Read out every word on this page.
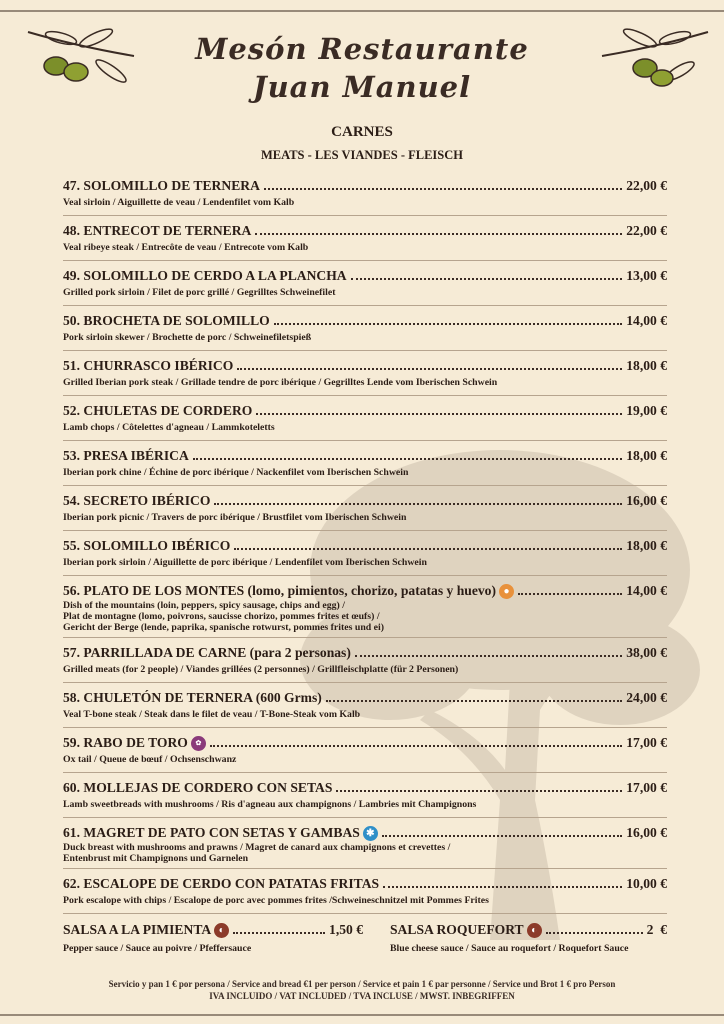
Mesón Restaurante
Juan Manuel
CARNES
MEATS - LES VIANDES - FLEISCH
47. SOLOMILLO DE TERNERA	22,00 €
Veal sirloin / Aiguillette de veau / Lendenfilet vom Kalb
48. ENTRECOT DE TERNERA	22,00 €
Veal ribeye steak / Entrecôte de veau / Entrecote vom Kalb
49. SOLOMILLO DE CERDO A LA PLANCHA	13,00 €
Grilled pork sirloin / Filet de porc grillé / Gegrilltes Schweinefilet
50. BROCHETA DE SOLOMILLO	14,00 €
Pork sirloin skewer / Brochette de porc / Schweinefiletspieß
51. CHURRASCO IBÉRICO	18,00 €
Grilled Iberian pork steak / Grillade tendre de porc ibérique / Gegrilltes Lende vom Iberischen Schwein
52. CHULETAS DE CORDERO	19,00 €
Lamb chops / Côtelettes d'agneau / Lammkoteletts
53. PRESA IBÉRICA	18,00 €
Iberian pork chine / Échine de porc ibérique / Nackenfilet vom Iberischen Schwein
54. SECRETO IBÉRICO	16,00 €
Iberian pork picnic / Travers de porc ibérique / Brustfilet vom Iberischen Schwein
55. SOLOMILLO IBÉRICO	18,00 €
Iberian pork sirloin / Aiguillette de porc ibérique / Lendenfilet vom Iberischen Schwein
56. PLATO DE LOS MONTES (lomo, pimientos, chorizo, patatas y huevo) ●	14,00 €
Dish of the mountains (loin, peppers, spicy sausage, chips and egg) /
Plat de montagne (lomo, poivrons, saucisse chorizo, pommes frites et œufs) /
Gericht der Berge (lende, paprika, spanische rotwurst, pommes frites und ei)
57. PARRILLADA DE CARNE (para 2 personas)	38,00 €
Grilled meats (for 2 people) / Viandes grillées (2 personnes) / Grillfleischplatte (für 2 Personen)
58. CHULETÓN DE TERNERA (600 Grms)	24,00 €
Veal T-bone steak / Steak dans le filet de veau / T-Bone-Steak vom Kalb
59. RABO DE TORO	✿	17,00 €
Ox tail / Queue de bœuf / Ochsenschwanz
60. MOLLEJAS DE CORDERO CON SETAS	17,00 €
Lamb sweetbreads with mushrooms / Ris d'agneau aux champignons / Lambries mit Champignons
61. MAGRET DE PATO CON SETAS Y GAMBAS ✱	16,00 €
Duck breast with mushrooms and prawns / Magret de canard aux champignons et crevettes /
Entenbrust mit Champignons und Garnelen
62. ESCALOPE DE CERDO CON PATATAS FRITAS	10,00 €
Pork escalope with chips / Escalope de porc avec pommes frites /Schweineschnitzel mit Pommes Frites
SALSA A LA PIMIENTA ◐	1,50 €
Pepper sauce / Sauce au poivre / Pfeffersauce
SALSA ROQUEFORT ◐	2  €
Blue cheese sauce / Sauce au roquefort / Roquefort Sauce
Servicio y pan 1 € por persona / Service and bread €1 per person / Service et pain 1 € par personne / Service und Brot 1 € pro Person
IVA INCLUIDO / VAT INCLUDED / TVA INCLUSE / MWST. INBEGRIFFEN
